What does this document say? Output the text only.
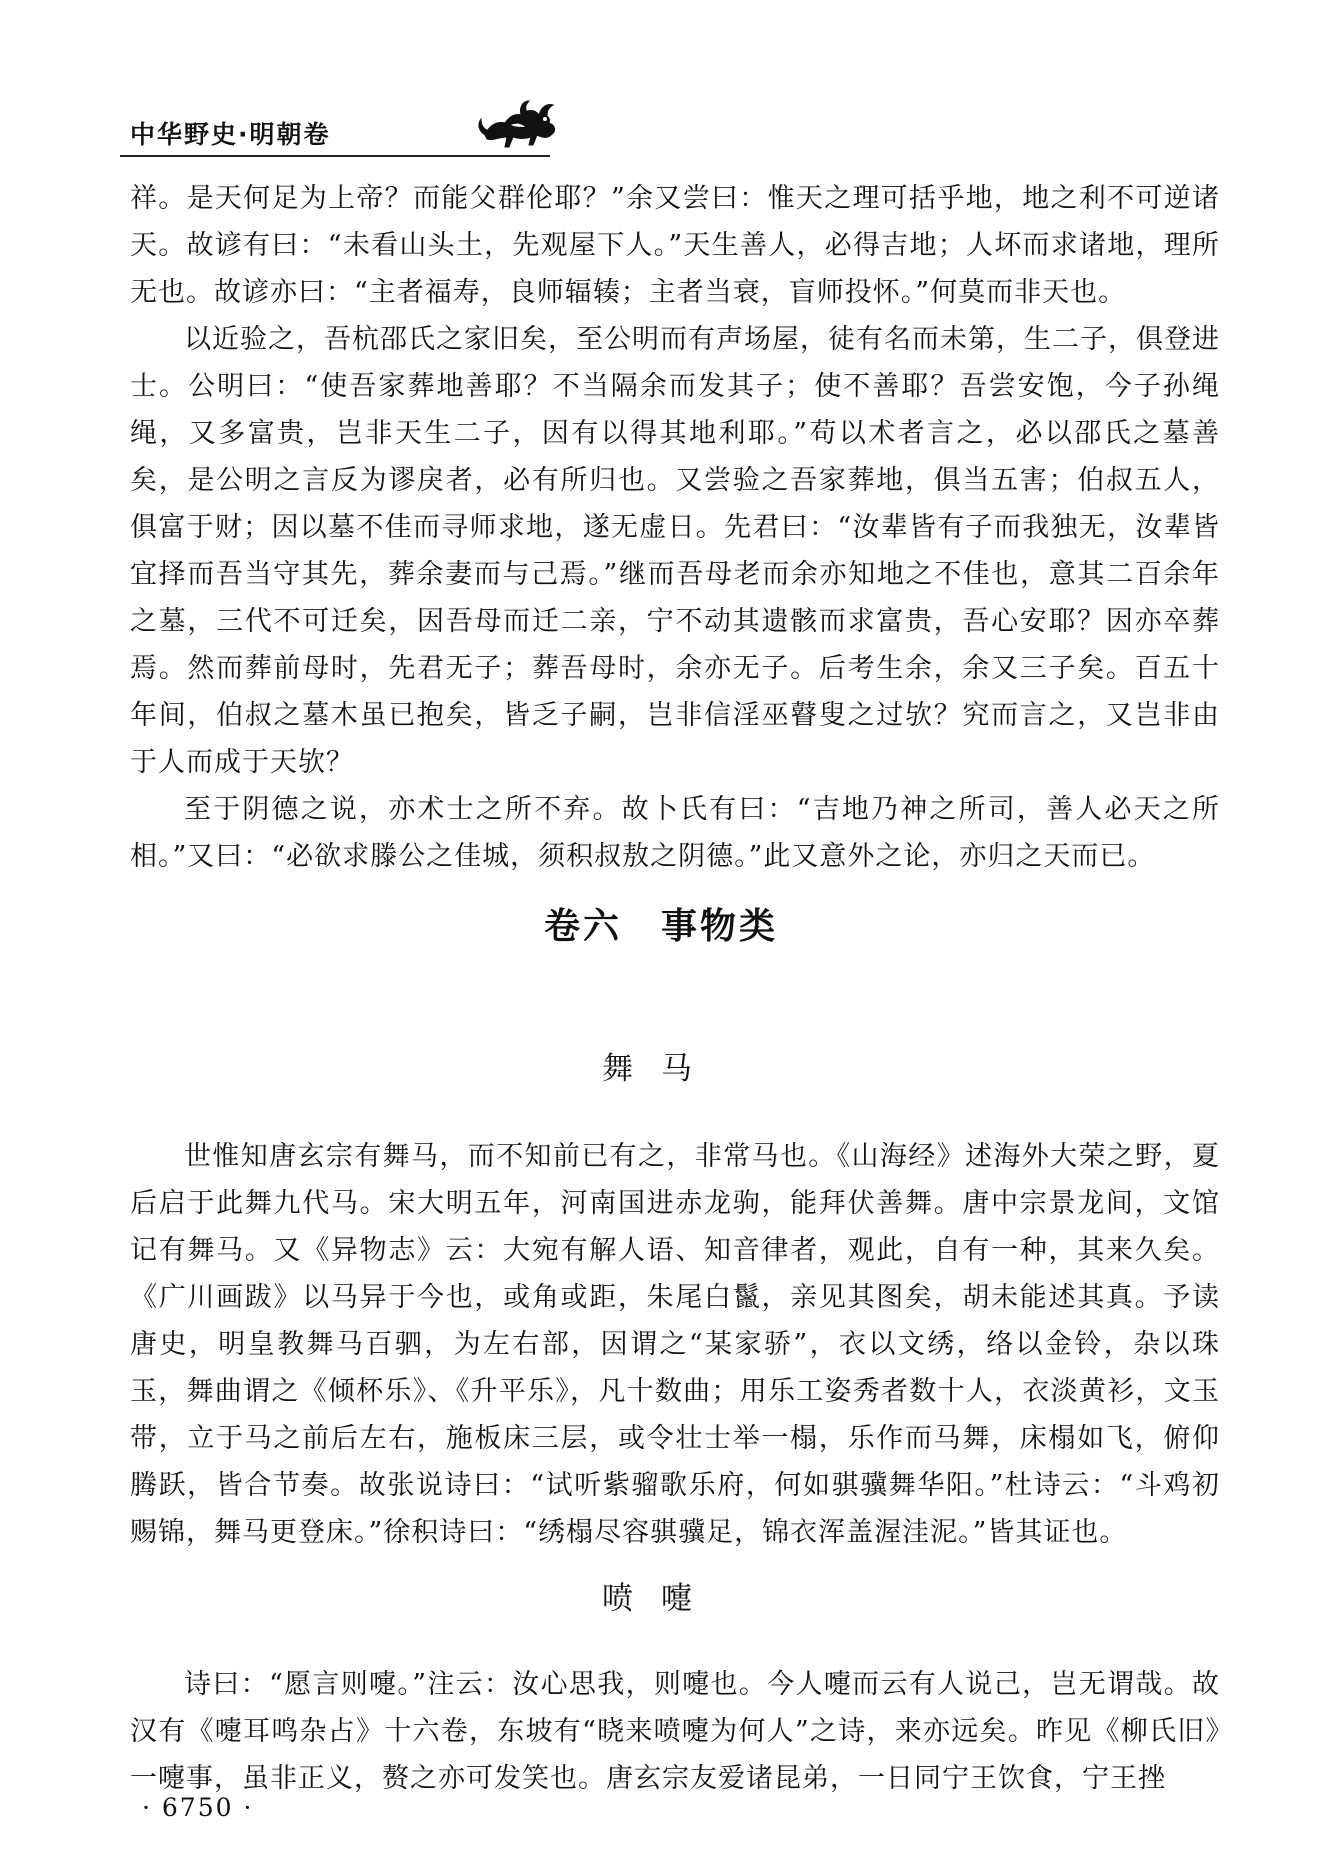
中华野史·明朝卷

祥。是天何足为上帝？而能父群伦耶？”余又尝曰：惟天之理可括乎地，地之利不可逆诸天。故谚有曰：“未看山头土，先观屋下人。”天生善人，必得吉地；人坏而求诸地，理所无也。故谚亦曰：“主者福寿，良师辐辏；主者当衰，盲师投怀。”何莫而非天也。

以近验之，吾杭邵氏之家旧矣，至公明而有声场屋，徒有名而未第，生二子，俱登进士。公明曰：“使吾家葬地善耶？不当隔余而发其子；使不善耶？吾尝安饱，今子孙绳绳，又多富贵，岂非天生二子，因有以得其地利耶。”苟以术者言之，必以邵氏之墓善矣，是公明之言反为谬戾者，必有所归也。又尝验之吾家葬地，俱当五害；伯叔五人，俱富于财；因以墓不佳而寻师求地，遂无虚日。先君曰：“汝辈皆有子而我独无，汝辈皆宜择而吾当守其先，葬余妻而与己焉。”继而吾母老而余亦知地之不佳也，意其二百余年之墓，三代不可迁矣，因吾母而迁二亲，宁不动其遗骸而求富贵，吾心安耶？因亦卒葬焉。然而葬前母时，先君无子；葬吾母时，余亦无子。后考生余，余又三子矣。百五十年间，伯叔之墓木虽已抱矣，皆乏子嗣，岂非信淫巫瞽叟之过欤？究而言之，又岂非由于人而成于天欤？

至于阴德之说，亦术士之所不弃。故卜氏有曰：“吉地乃神之所司，善人必天之所相。”又曰：“必欲求滕公之佳城，须积叔敖之阴德。”此又意外之论，亦归之天而已。

卷六　事物类
舞马

世惟知唐玄宗有舞马，而不知前已有之，非常马也。《山海经》述海外大荣之野，夏后启于此舞九代马。宋大明五年，河南国进赤龙驹，能拜伏善舞。唐中宗景龙间，文馆记有舞马。又《异物志》云：大宛有解人语、知音律者，观此，自有一种，其来久矣。《广川画跋》以马异于今也，或角或距，朱尾白鬣，亲见其图矣，胡未能述其真。予读唐史，明皇教舞马百驷，为左右部，因谓之“某家骄”，衣以文绣，络以金铃，杂以珠玉，舞曲谓之《倾杯乐》、《升平乐》，凡十数曲；用乐工姿秀者数十人，衣淡黄衫，文玉带，立于马之前后左右，施板床三层，或令壮士举一榻，乐作而马舞，床榻如飞，俯仰腾跃，皆合节奏。故张说诗曰：“试听紫骝歌乐府，何如骐骥舞华阳。”杜诗云：“斗鸡初赐锦，舞马更登床。”徐积诗曰：“绣榻尽容骐骥足，锦衣浑盖渥洼泥。”皆其证也。

喷嚏

诗曰：“愿言则嚏。”注云：汝心思我，则嚏也。今人嚏而云有人说己，岂无谓哉。故汉有《嚏耳鸣杂占》十六卷，东坡有“晓来喷嚏为何人”之诗，来亦远矣。昨见《柳氏旧》一嚏事，虽非正义，赘之亦可发笑也。唐玄宗友爱诸昆弟，一日同宁王饮食，宁王挫

· 6750 ·
